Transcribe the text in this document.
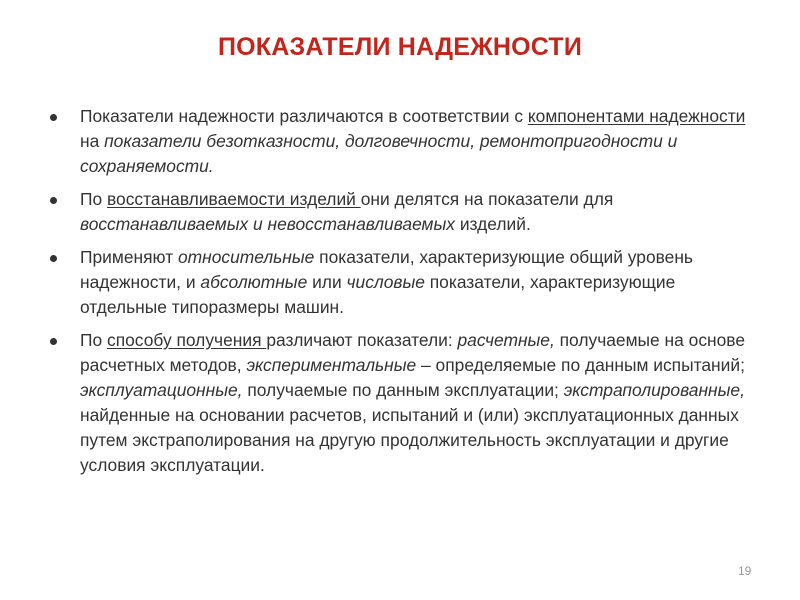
ПОКАЗАТЕЛИ НАДЕЖНОСТИ
Показатели надежности различаются в соответствии с компонентами надежности на показатели безотказности, долговечности, ремонтопригодности и сохраняемости.
По восстанавливаемости изделий они делятся на показатели для восстанавливаемых и невосстанавливаемых изделий.
Применяют относительные показатели, характеризующие общий уровень надежности, и абсолютные или числовые показатели, характеризующие отдельные типоразмеры машин.
По способу получения различают показатели: расчетные, получаемые на основе расчетных методов, экспериментальные – определяемые по данным испытаний; эксплуатационные, получаемые по данным эксплуатации; экстраполированные, найденные на основании расчетов, испытаний и (или) эксплуатационных данных путем экстраполирования на другую продолжительность эксплуатации и другие условия эксплуатации.
19
